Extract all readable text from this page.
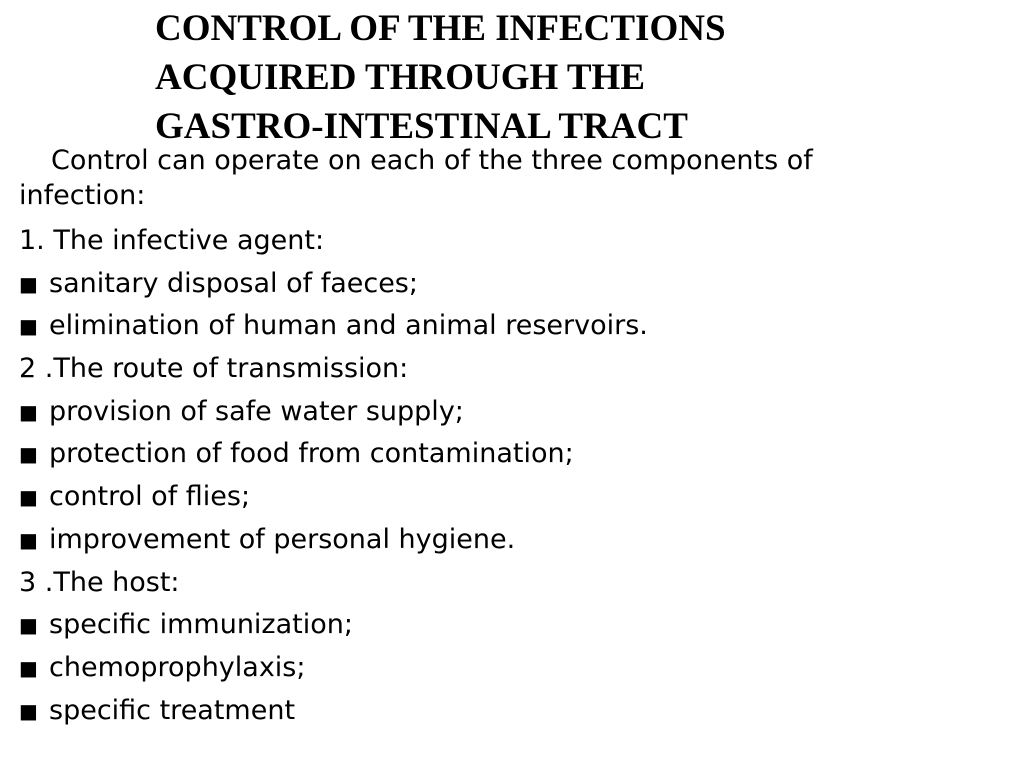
CONTROL OF THE INFECTIONS
ACQUIRED THROUGH THE
GASTRO-INTESTINAL TRACT

Control can operate on each of the three components of
infection:

1. The infective agent:
■ sanitary disposal of faeces;
■ elimination of human and animal reservoirs.
2 .The route of transmission:
■ provision of safe water supply;
■ protection of food from contamination;
■ control of flies;
■ improvement of personal hygiene.
3 .The host:
■ specific immunization;
■ chemoprophylaxis;
■ specific treatment
